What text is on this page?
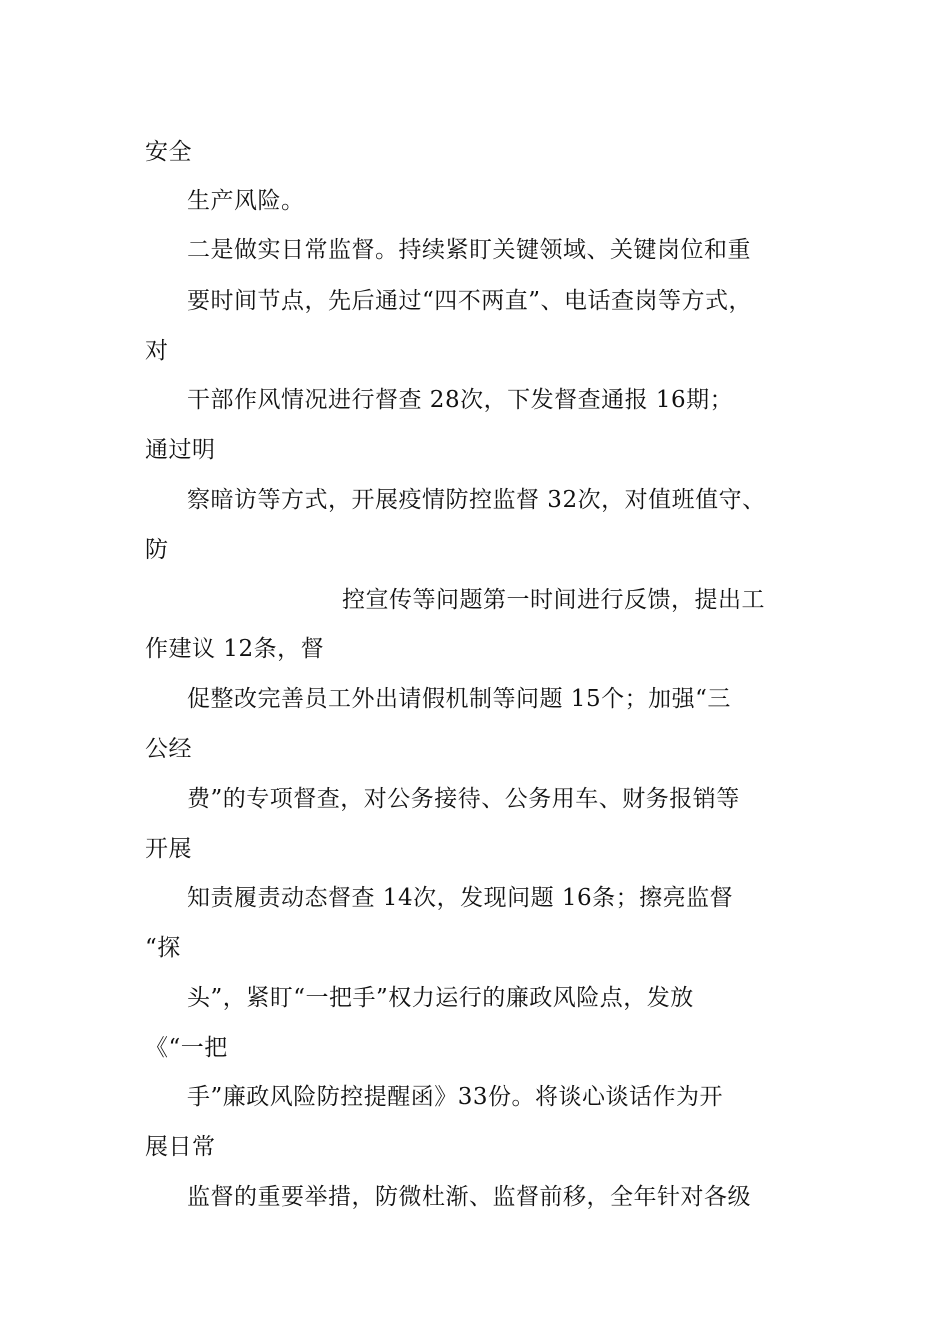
安全
生产风险。
二是做实日常监督。持续紧盯关键领域、关键岗位和重
要时间节点，先后通过“四不两直”、电话查岗等方式，
对
干部作风情况进行督查 28次，下发督查通报 16期；
通过明
察暗访等方式，开展疫情防控监督 32次，对值班值守、
防
控宣传等问题第一时间进行反馈，提出工
作建议 12条，督
促整改完善员工外出请假机制等问题 15个；加强“三
公经
费”的专项督查，对公务接待、公务用车、财务报销等
开展
知责履责动态督查 14次，发现问题 16条；擦亮监督
“探
头”，紧盯“一把手”权力运行的廉政风险点，发放
《“一把
手”廉政风险防控提醒函》33份。将谈心谈话作为开
展日常
监督的重要举措，防微杜渐、监督前移，全年针对各级
